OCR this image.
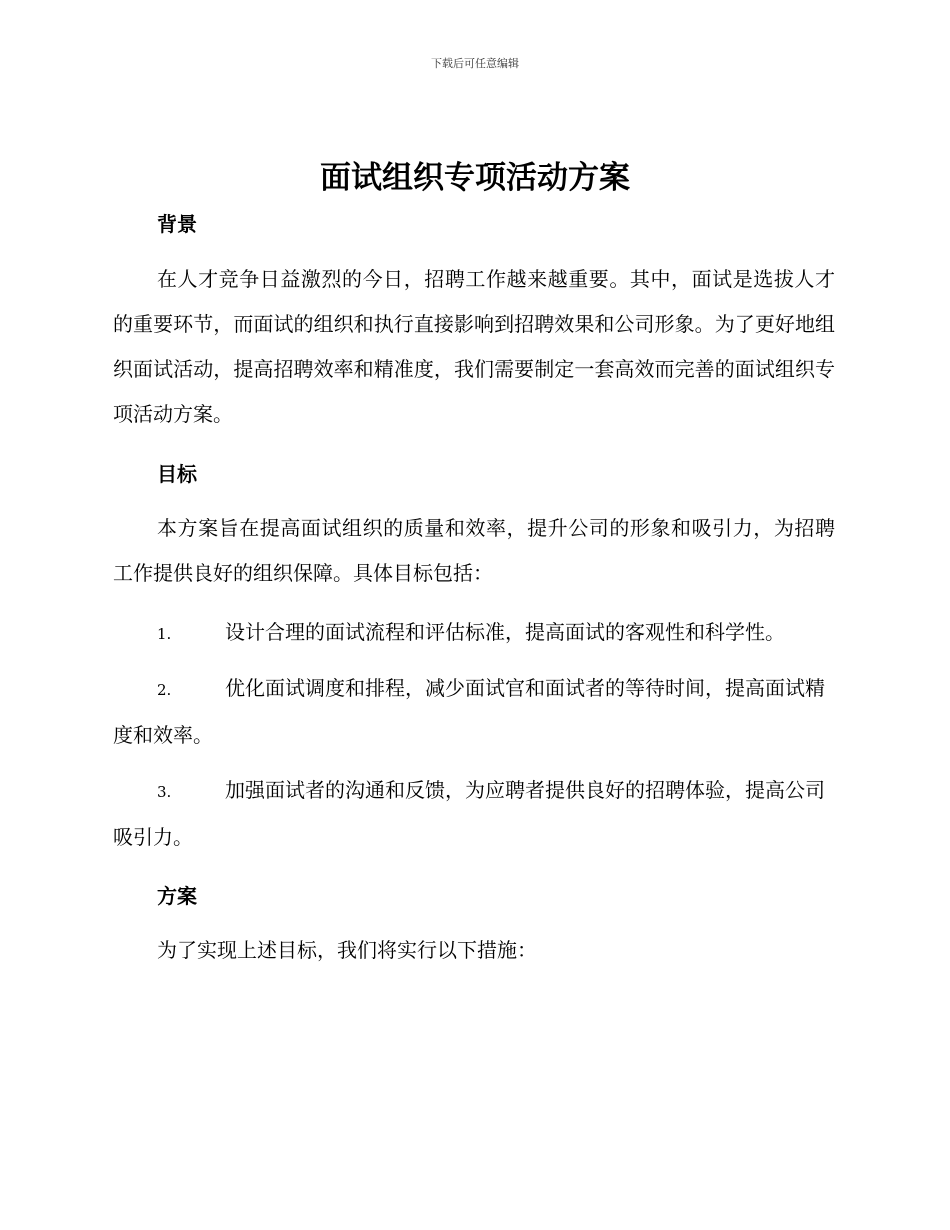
下载后可任意编辑
面试组织专项活动方案
背景

在人才竞争日益激烈的今日，招聘工作越来越重要。其中，面试是选拔人才的重要环节，而面试的组织和执行直接影响到招聘效果和公司形象。为了更好地组织面试活动，提高招聘效率和精准度，我们需要制定一套高效而完善的面试组织专项活动方案。

目标

本方案旨在提高面试组织的质量和效率，提升公司的形象和吸引力，为招聘工作提供良好的组织保障。具体目标包括：

1.	设计合理的面试流程和评估标准，提高面试的客观性和科学性。

2.	优化面试调度和排程，减少面试官和面试者的等待时间，提高面试精度和效率。

3.	加强面试者的沟通和反馈，为应聘者提供良好的招聘体验，提高公司吸引力。

方案

为了实现上述目标，我们将实行以下措施：
